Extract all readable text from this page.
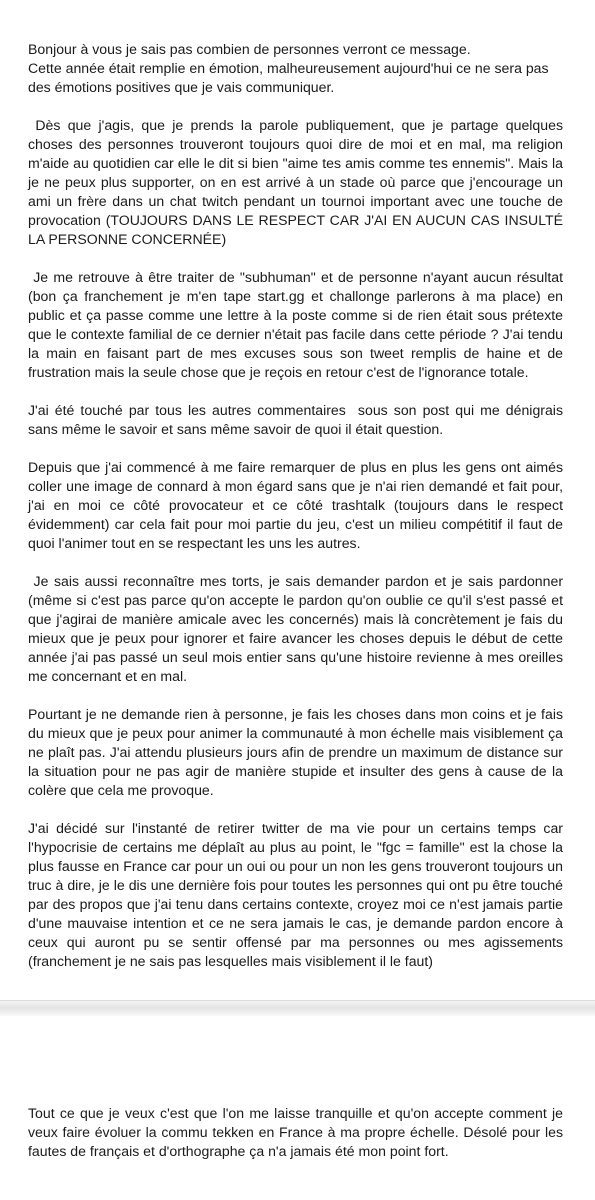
Bonjour à vous je sais pas combien de personnes verront ce message.
Cette année était remplie en émotion, malheureusement aujourd'hui ce ne sera pas des émotions positives que je vais communiquer.

Dès que j'agis, que je prends la parole publiquement, que je partage quelques choses des personnes trouveront toujours quoi dire de moi et en mal, ma religion m'aide au quotidien car elle le dit si bien "aime tes amis comme tes ennemis". Mais la je ne peux plus supporter, on en est arrivé à un stade où parce que j'encourage un ami un frère dans un chat twitch pendant un tournoi important avec une touche de provocation (TOUJOURS DANS LE RESPECT CAR J'AI EN AUCUN CAS INSULTÉ LA PERSONNE CONCERNÉE)

Je me retrouve à être traiter de "subhuman" et de personne n'ayant aucun résultat (bon ça franchement je m'en tape start.gg et challonge parlerons à ma place) en public et ça passe comme une lettre à la poste comme si de rien était sous prétexte que le contexte familial de ce dernier n'était pas facile dans cette période ? J'ai tendu la main en faisant part de mes excuses sous son tweet remplis de haine et de frustration mais la seule chose que je reçois en retour c'est de l'ignorance totale.

J'ai été touché par tous les autres commentaires  sous son post qui me dénigrais sans même le savoir et sans même savoir de quoi il était question.

Depuis que j'ai commencé à me faire remarquer de plus en plus les gens ont aimés coller une image de connard à mon égard sans que je n'ai rien demandé et fait pour, j'ai en moi ce côté provocateur et ce côté trashtalk (toujours dans le respect évidemment) car cela fait pour moi partie du jeu, c'est un milieu compétitif il faut de quoi l'animer tout en se respectant les uns les autres.

Je sais aussi reconnaître mes torts, je sais demander pardon et je sais pardonner (même si c'est pas parce qu'on accepte le pardon qu'on oublie ce qu'il s'est passé et que j'agirai de manière amicale avec les concernés) mais là concrètement je fais du mieux que je peux pour ignorer et faire avancer les choses depuis le début de cette année j'ai pas passé un seul mois entier sans qu'une histoire revienne à mes oreilles me concernant et en mal.

Pourtant je ne demande rien à personne, je fais les choses dans mon coins et je fais du mieux que je peux pour animer la communauté à mon échelle mais visiblement ça ne plaît pas. J'ai attendu plusieurs jours afin de prendre un maximum de distance sur la situation pour ne pas agir de manière stupide et insulter des gens à cause de la colère que cela me provoque.

J'ai décidé sur l'instanté de retirer twitter de ma vie pour un certains temps car l'hypocrisie de certains me déplaît au plus au point, le "fgc = famille" est la chose la plus fausse en France car pour un oui ou pour un non les gens trouveront toujours un truc à dire, je le dis une dernière fois pour toutes les personnes qui ont pu être touché par des propos que j'ai tenu dans certains contexte, croyez moi ce n'est jamais partie d'une mauvaise intention et ce ne sera jamais le cas, je demande pardon encore à ceux qui auront pu se sentir offensé par ma personnes ou mes agissements (franchement je ne sais pas lesquelles mais visiblement il le faut)

Tout ce que je veux c'est que l'on me laisse tranquille et qu'on accepte comment je veux faire évoluer la commu tekken en France à ma propre échelle. Désolé pour les fautes de français et d'orthographe ça n'a jamais été mon point fort.
